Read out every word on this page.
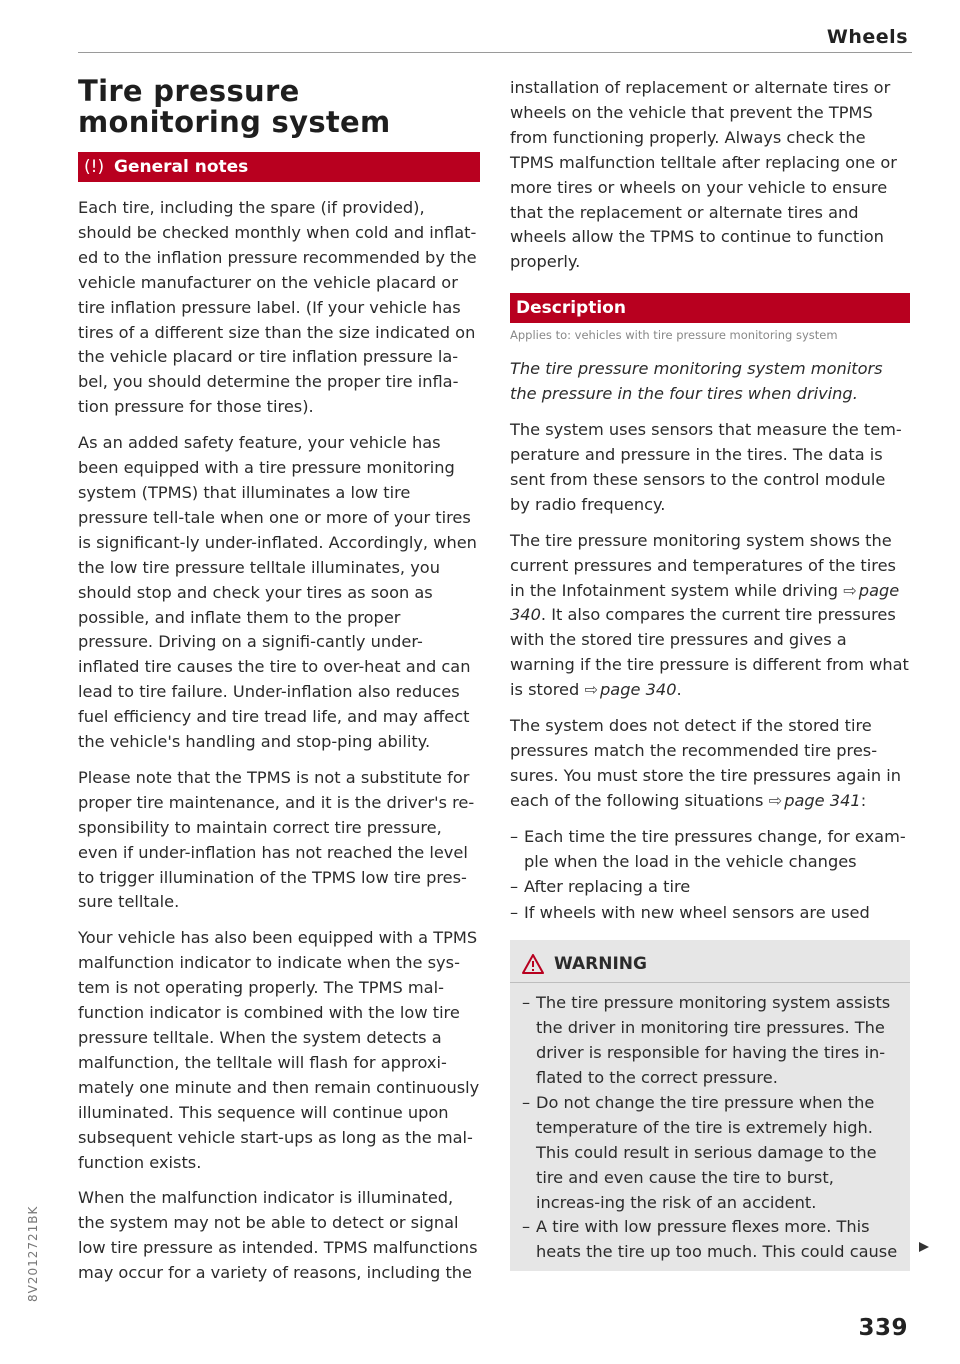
Wheels
Tire pressure monitoring system
(!) General notes

Each tire, including the spare (if provided), should be checked monthly when cold and inflat-ed to the inflation pressure recommended by the vehicle manufacturer on the vehicle placard or tire inflation pressure label. (If your vehicle has tires of a different size than the size indicated on the vehicle placard or tire inflation pressure la-bel, you should determine the proper tire infla-tion pressure for those tires).

As an added safety feature, your vehicle has been equipped with a tire pressure monitoring system (TPMS) that illuminates a low tire pressure tell-tale when one or more of your tires is significant-ly under-inflated. Accordingly, when the low tire pressure telltale illuminates, you should stop and check your tires as soon as possible, and inflate them to the proper pressure. Driving on a signifi-cantly under-inflated tire causes the tire to over-heat and can lead to tire failure. Under-inflation also reduces fuel efficiency and tire tread life, and may affect the vehicle's handling and stop-ping ability.

Please note that the TPMS is not a substitute for proper tire maintenance, and it is the driver's re-sponsibility to maintain correct tire pressure, even if under-inflation has not reached the level to trigger illumination of the TPMS low tire pres-sure telltale.

Your vehicle has also been equipped with a TPMS malfunction indicator to indicate when the sys-tem is not operating properly. The TPMS mal-function indicator is combined with the low tire pressure telltale. When the system detects a malfunction, the telltale will flash for approxi-mately one minute and then remain continuously illuminated. This sequence will continue upon subsequent vehicle start-ups as long as the mal-function exists.

When the malfunction indicator is illuminated, the system may not be able to detect or signal low tire pressure as intended. TPMS malfunctions may occur for a variety of reasons, including the

installation of replacement or alternate tires or wheels on the vehicle that prevent the TPMS from functioning properly. Always check the TPMS malfunction telltale after replacing one or more tires or wheels on your vehicle to ensure that the replacement or alternate tires and wheels allow the TPMS to continue to function properly.

Description
Applies to: vehicles with tire pressure monitoring system

The tire pressure monitoring system monitors the pressure in the four tires when driving.

The system uses sensors that measure the tem-perature and pressure in the tires. The data is sent from these sensors to the control module by radio frequency.

The tire pressure monitoring system shows the current pressures and temperatures of the tires in the Infotainment system while driving ⇨ page 340. It also compares the current tire pressures with the stored tire pressures and gives a warning if the tire pressure is different from what is stored ⇨ page 340.

The system does not detect if the stored tire pressures match the recommended tire pres-sures. You must store the tire pressures again in each of the following situations ⇨ page 341:

– Each time the tire pressures change, for exam-ple when the load in the vehicle changes
– After replacing a tire
– If wheels with new wheel sensors are used
WARNING
– The tire pressure monitoring system assists the driver in monitoring tire pressures. The driver is responsible for having the tires in-flated to the correct pressure.
– Do not change the tire pressure when the temperature of the tire is extremely high. This could result in serious damage to the tire and even cause the tire to burst, increas-ing the risk of an accident.
– A tire with low pressure flexes more. This heats the tire up too much. This could cause
339
8V2012721BK
